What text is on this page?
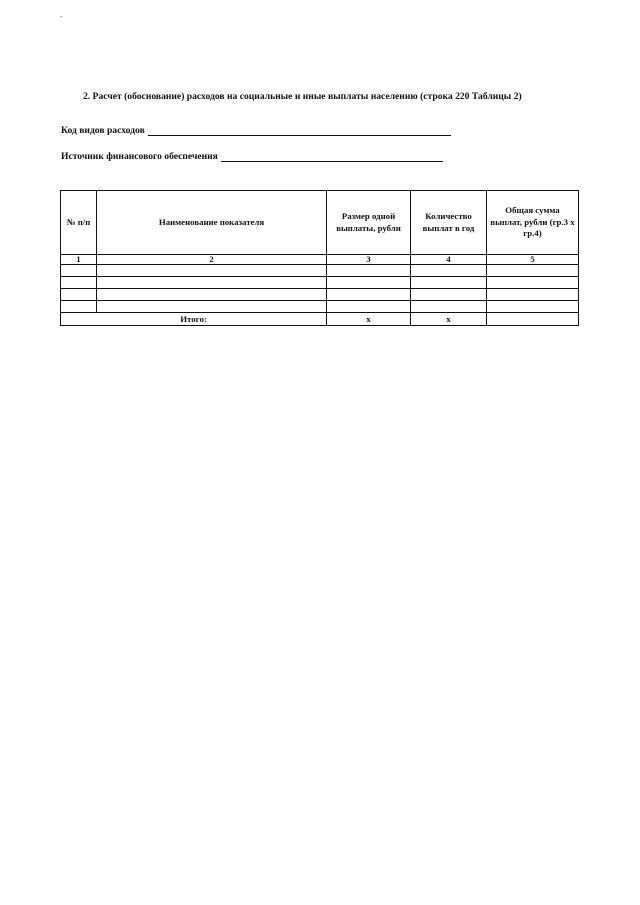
-
2. Расчет (обоснование) расходов на социальные и иные выплаты населению (строка 220 Таблицы 2)
Код видов расходов
Источник финансового обеспечения
№ п/п	Наименование показателя	Размер одной выплаты, рубли	Количество выплат в год	Общая сумма выплат, рубли (гр.3 x гр.4)
1	2	3	4	5

Итого:		x	x	
